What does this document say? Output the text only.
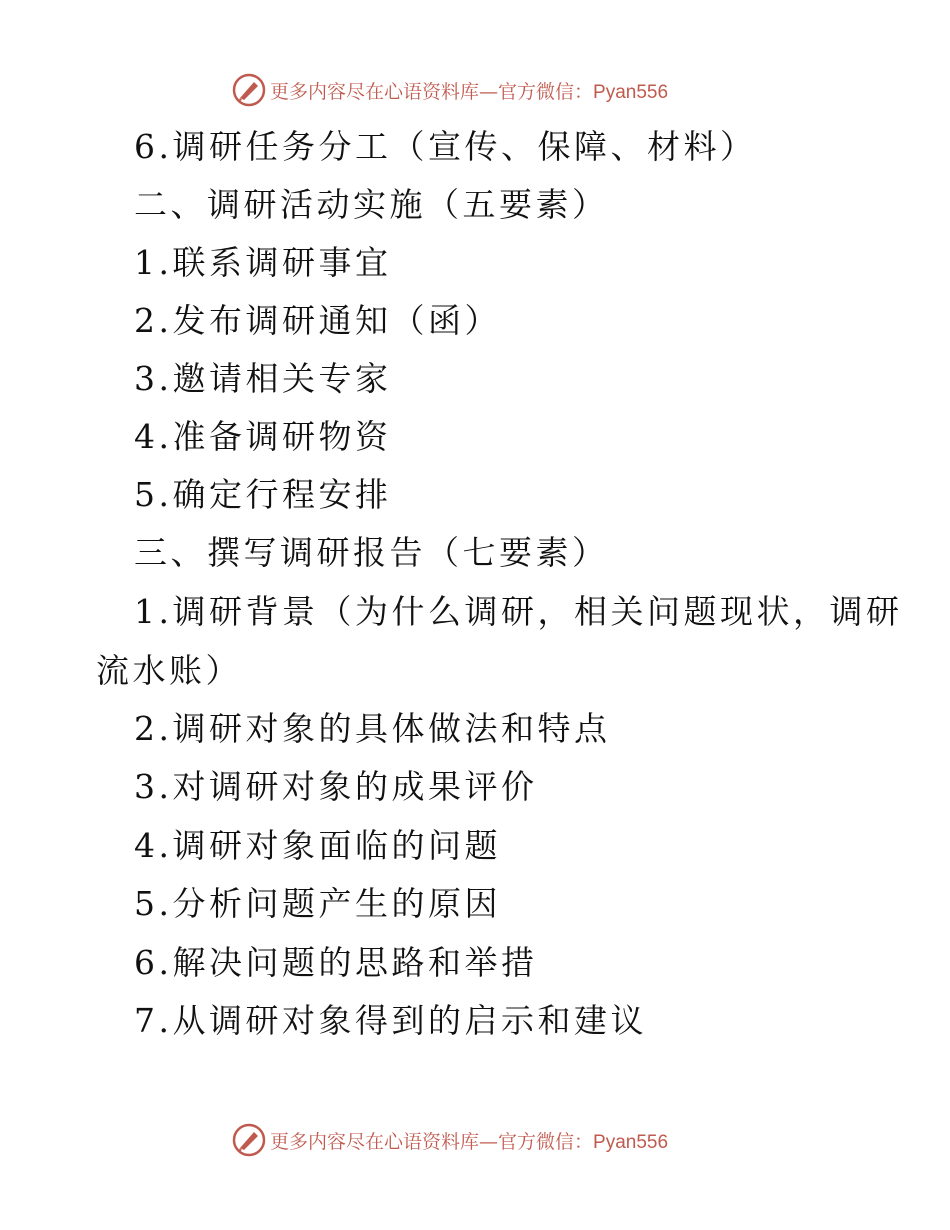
更多内容尽在心语资料库—官方微信：Pyan556
6.调研任务分工（宣传、保障、材料）
二、调研活动实施（五要素）
1.联系调研事宜
2.发布调研通知（函）
3.邀请相关专家
4.准备调研物资
5.确定行程安排
三、撰写调研报告（七要素）
1.调研背景（为什么调研，相关问题现状，调研
流水账）
2.调研对象的具体做法和特点
3.对调研对象的成果评价
4.调研对象面临的问题
5.分析问题产生的原因
6.解决问题的思路和举措
7.从调研对象得到的启示和建议
更多内容尽在心语资料库—官方微信：Pyan556
